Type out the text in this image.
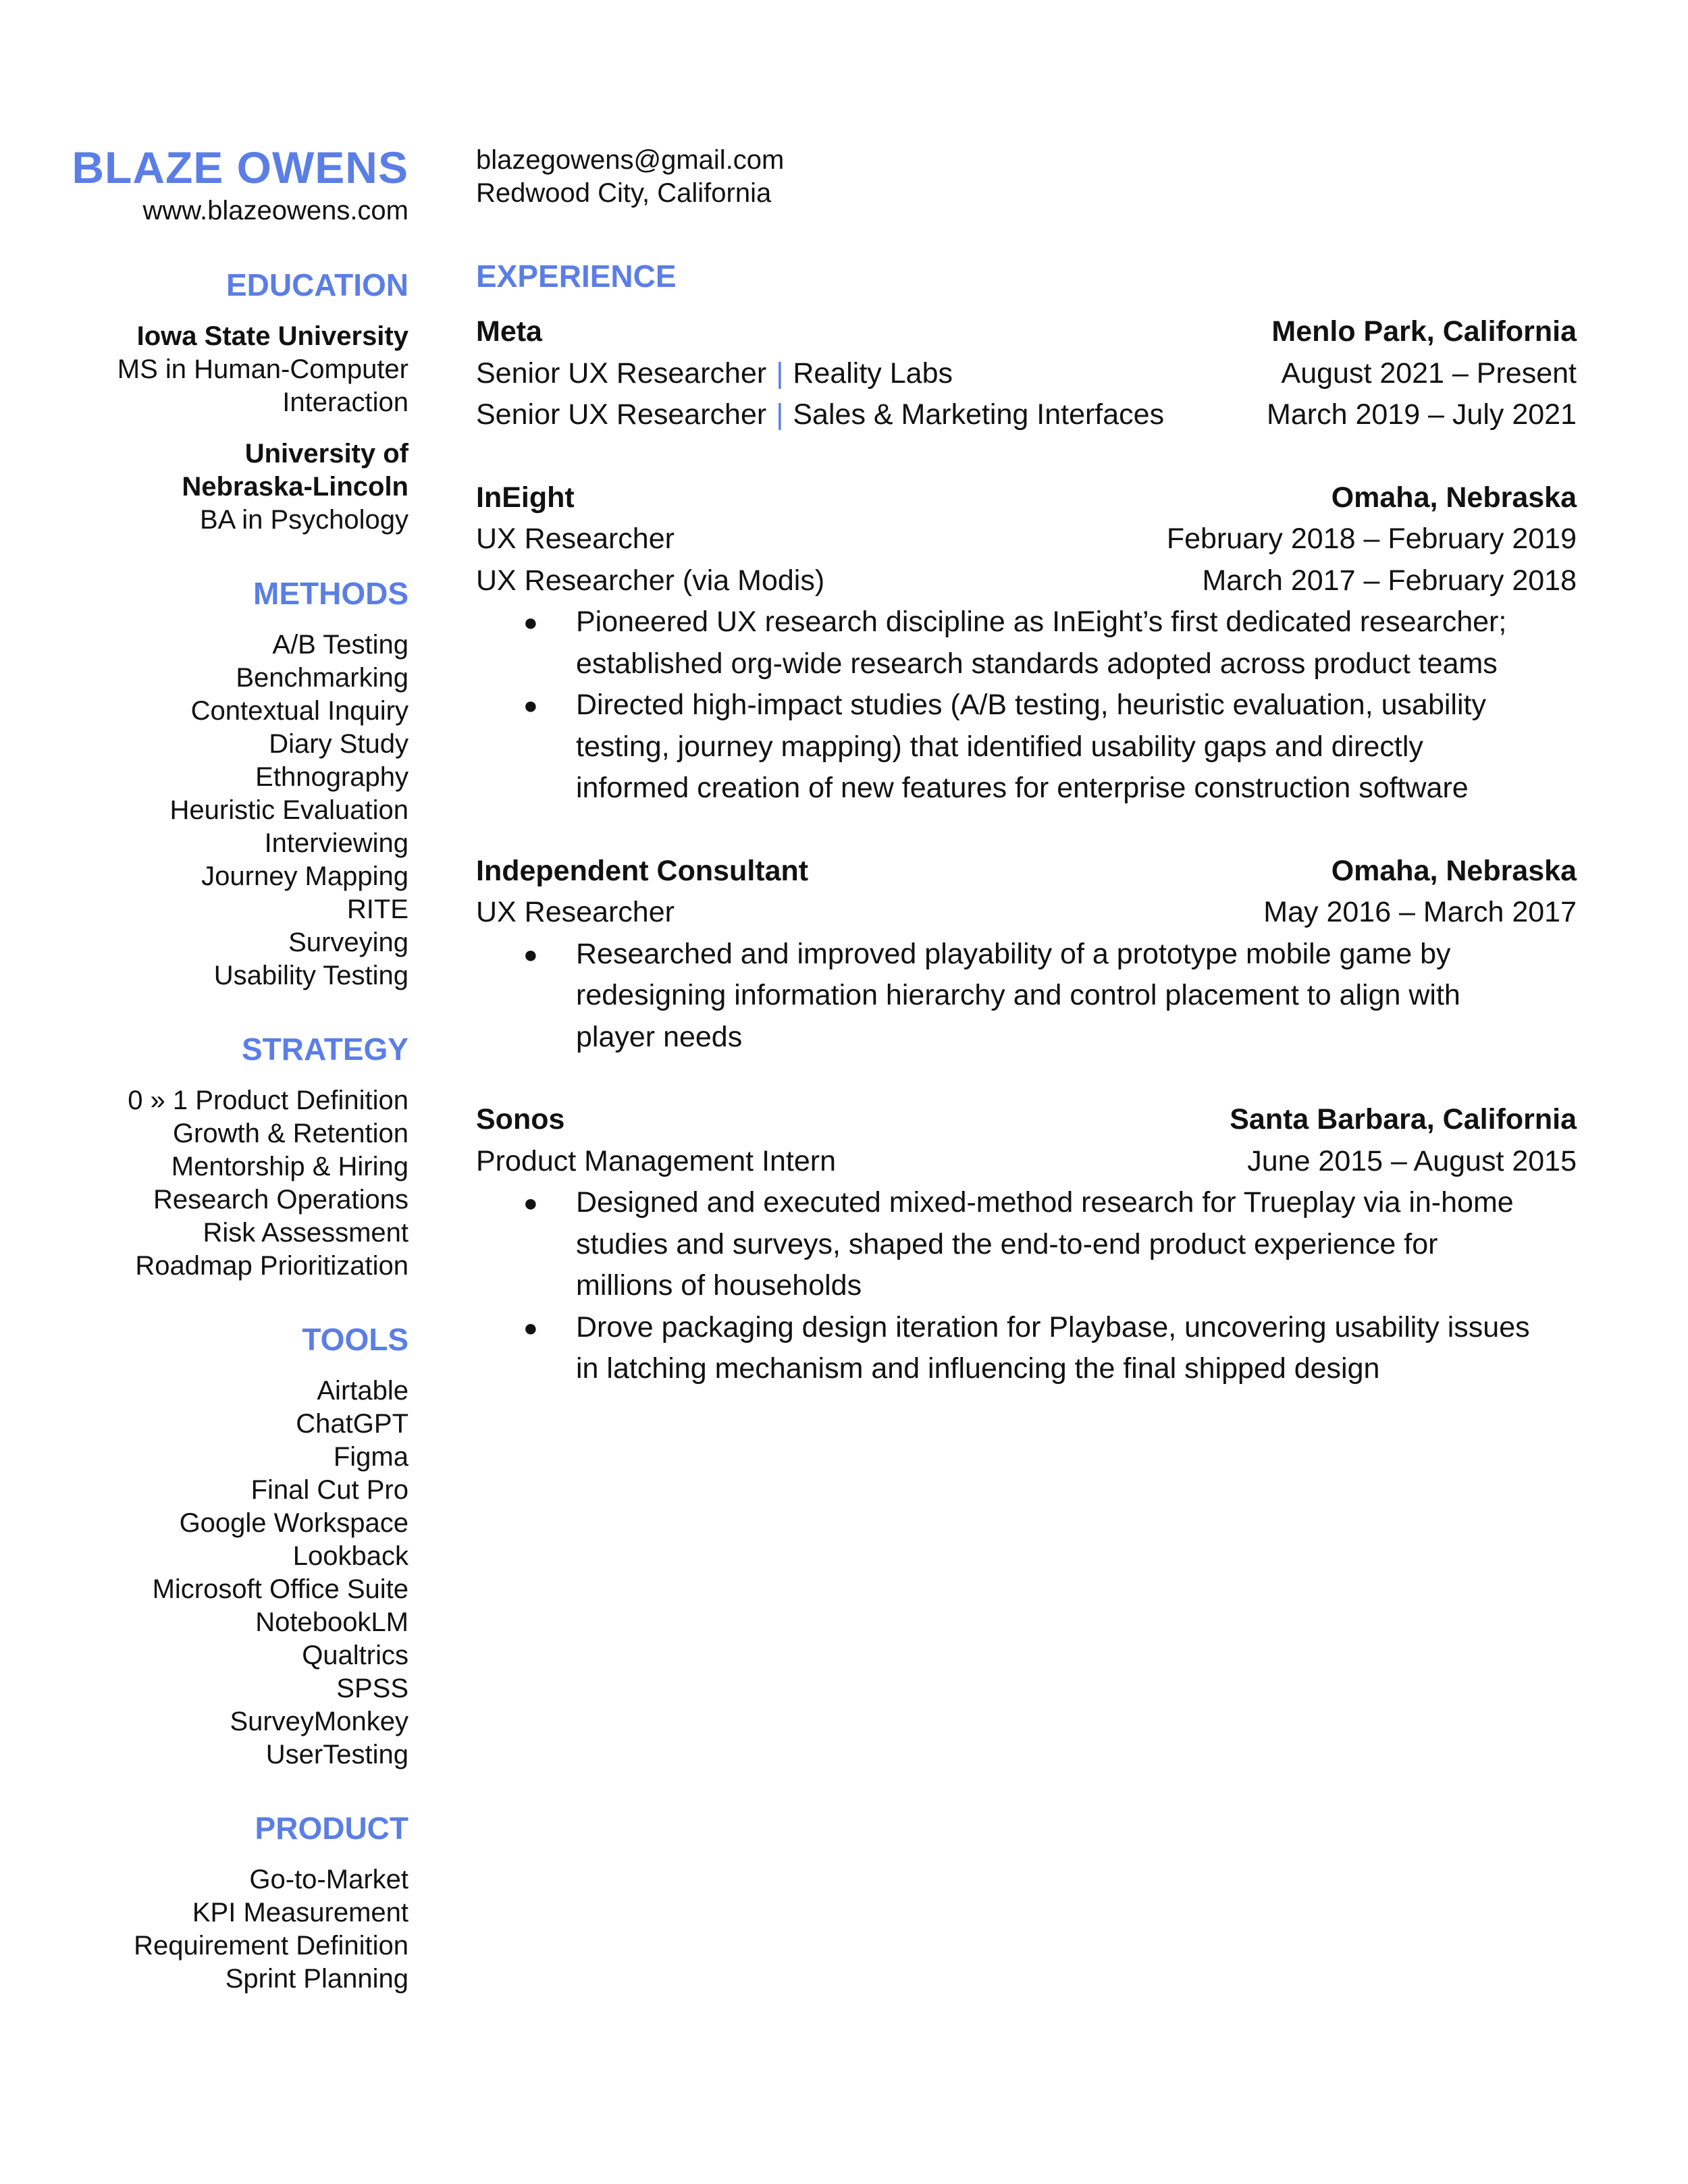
BLAZE OWENS

www.blazeowens.com

EDUCATION

Iowa State University

MS in Human-Computer

Interaction

University of

Nebraska-Lincoln

BA in Psychology

METHODS
A/B Testing
Benchmarking
Contextual Inquiry
Diary Study
Ethnography
Heuristic Evaluation
Interviewing
Journey Mapping
RITE
Surveying
Usability Testing
STRATEGY
0 » 1 Product Definition
Growth & Retention
Mentorship & Hiring
Research Operations
Risk Assessment
Roadmap Prioritization
TOOLS
Airtable
ChatGPT
Figma
Final Cut Pro
Google Workspace
Lookback
Microsoft Office Suite
NotebookLM
Qualtrics
SPSS
SurveyMonkey
UserTesting
PRODUCT
Go-to-Market
KPI Measurement
Requirement Definition
Sprint Planning

blazegowens@gmail.com

Redwood City, California

EXPERIENCE
Meta	Menlo Park, California
Senior UX Researcher | Reality Labs	August 2021 – Present
Senior UX Researcher | Sales & Marketing Interfaces	March 2019 – July 2021
InEight	Omaha, Nebraska
UX Researcher	February 2018 – February 2019
UX Researcher (via Modis)	March 2017 – February 2018
● Pioneered UX research discipline as InEight’s first dedicated researcher;
established org-wide research standards adopted across product teams
● Directed high-impact studies (A/B testing, heuristic evaluation, usability
testing, journey mapping) that identified usability gaps and directly
informed creation of new features for enterprise construction software
Independent Consultant	Omaha, Nebraska
UX Researcher	May 2016 – March 2017
● Researched and improved playability of a prototype mobile game by
redesigning information hierarchy and control placement to align with
player needs
Sonos	Santa Barbara, California
Product Management Intern	June 2015 – August 2015
● Designed and executed mixed-method research for Trueplay via in-home
studies and surveys, shaped the end-to-end product experience for
millions of households
● Drove packaging design iteration for Playbase, uncovering usability issues
in latching mechanism and influencing the final shipped design
